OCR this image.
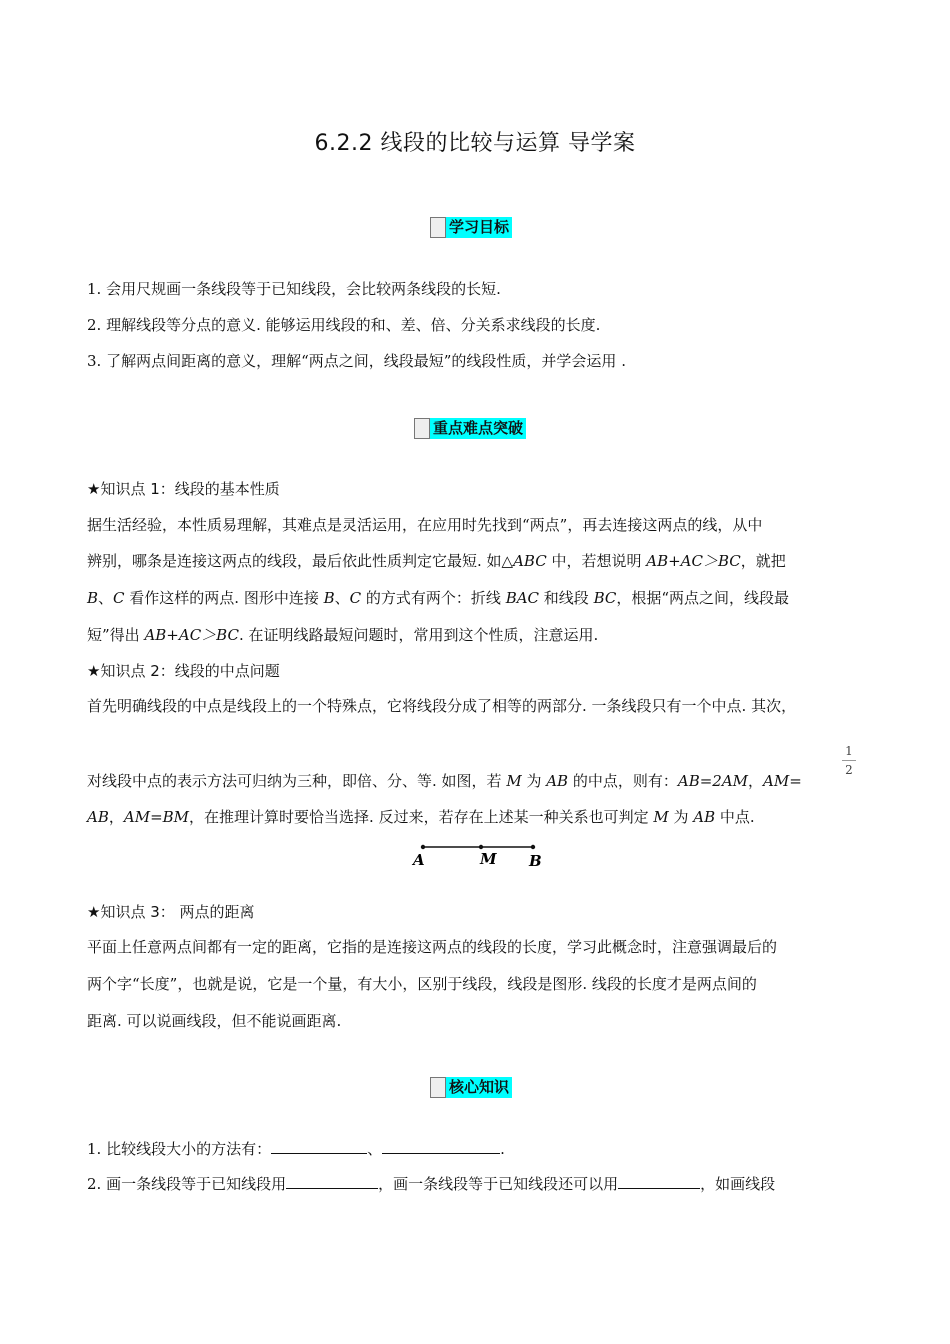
6.2.2 线段的比较与运算 导学案
学习目标
1. 会用尺规画一条线段等于已知线段，会比较两条线段的长短.
2. 理解线段等分点的意义. 能够运用线段的和、差、倍、分关系求线段的长度.
3. 了解两点间距离的意义，理解“两点之间，线段最短”的线段性质，并学会运用 .
重点难点突破
★知识点 1：线段的基本性质
据生活经验，本性质易理解，其难点是灵活运用，在应用时先找到“两点”，再去连接这两点的线，从中
辨别，哪条是连接这两点的线段，最后依此性质判定它最短. 如△ABC 中，若想说明 AB+AC＞BC，就把
B、C 看作这样的两点. 图形中连接 B、C 的方式有两个：折线 BAC 和线段 BC，根据“两点之间，线段最
短”得出 AB+AC＞BC. 在证明线路最短问题时，常用到这个性质，注意运用.
★知识点 2：线段的中点问题
首先明确线段的中点是线段上的一个特殊点，它将线段分成了相等的两部分. 一条线段只有一个中点. 其次，
1
2
对线段中点的表示方法可归纳为三种，即倍、分、等. 如图，若 M 为 AB 的中点，则有：AB=2AM，AM=
AB，AM=BM，在推理计算时要恰当选择. 反过来，若存在上述某一种关系也可判定 M 为 AB 中点.
A	M B
★知识点 3： 两点的距离
平面上任意两点间都有一定的距离，它指的是连接这两点的线段的长度，学习此概念时，注意强调最后的
两个字“长度”，也就是说，它是一个量，有大小，区别于线段，线段是图形. 线段的长度才是两点间的
距离. 可以说画线段，但不能说画距离.
核心知识
1. 比较线段大小的方法有：	、	.
2. 画一条线段等于已知线段用	，画一条线段等于已知线段还可以用	，如画线段
